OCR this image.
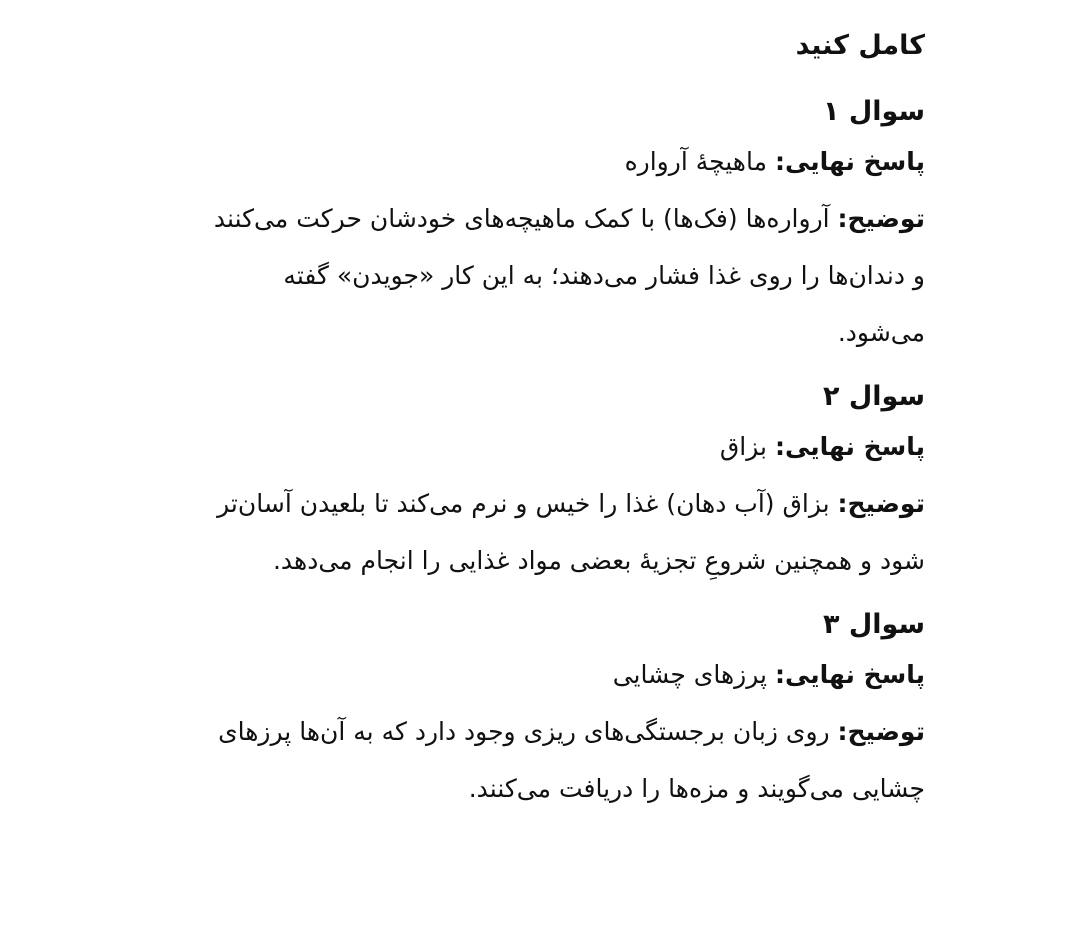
کامل کنید
سوال ۱

پاسخ نهایی: ماهیچهٔ آرواره

توضیح: آرواره‌ها (فک‌ها) با کمک ماهیچه‌های خودشان حرکت می‌کنند و دندان‌ها را روی غذا فشار می‌دهند؛ به این کار «جویدن» گفته می‌شود.

سوال ۲

پاسخ نهایی: بزاق

توضیح: بزاق (آب دهان) غذا را خیس و نرم می‌کند تا بلعیدن آسان‌تر شود و همچنین شروعِ تجزیهٔ بعضی مواد غذایی را انجام می‌دهد.

سوال ۳

پاسخ نهایی: پرزهای چشایی

توضیح: روی زبان برجستگی‌های ریزی وجود دارد که به آن‌ها پرزهای چشایی می‌گویند و مزه‌ها را دریافت می‌کنند.
